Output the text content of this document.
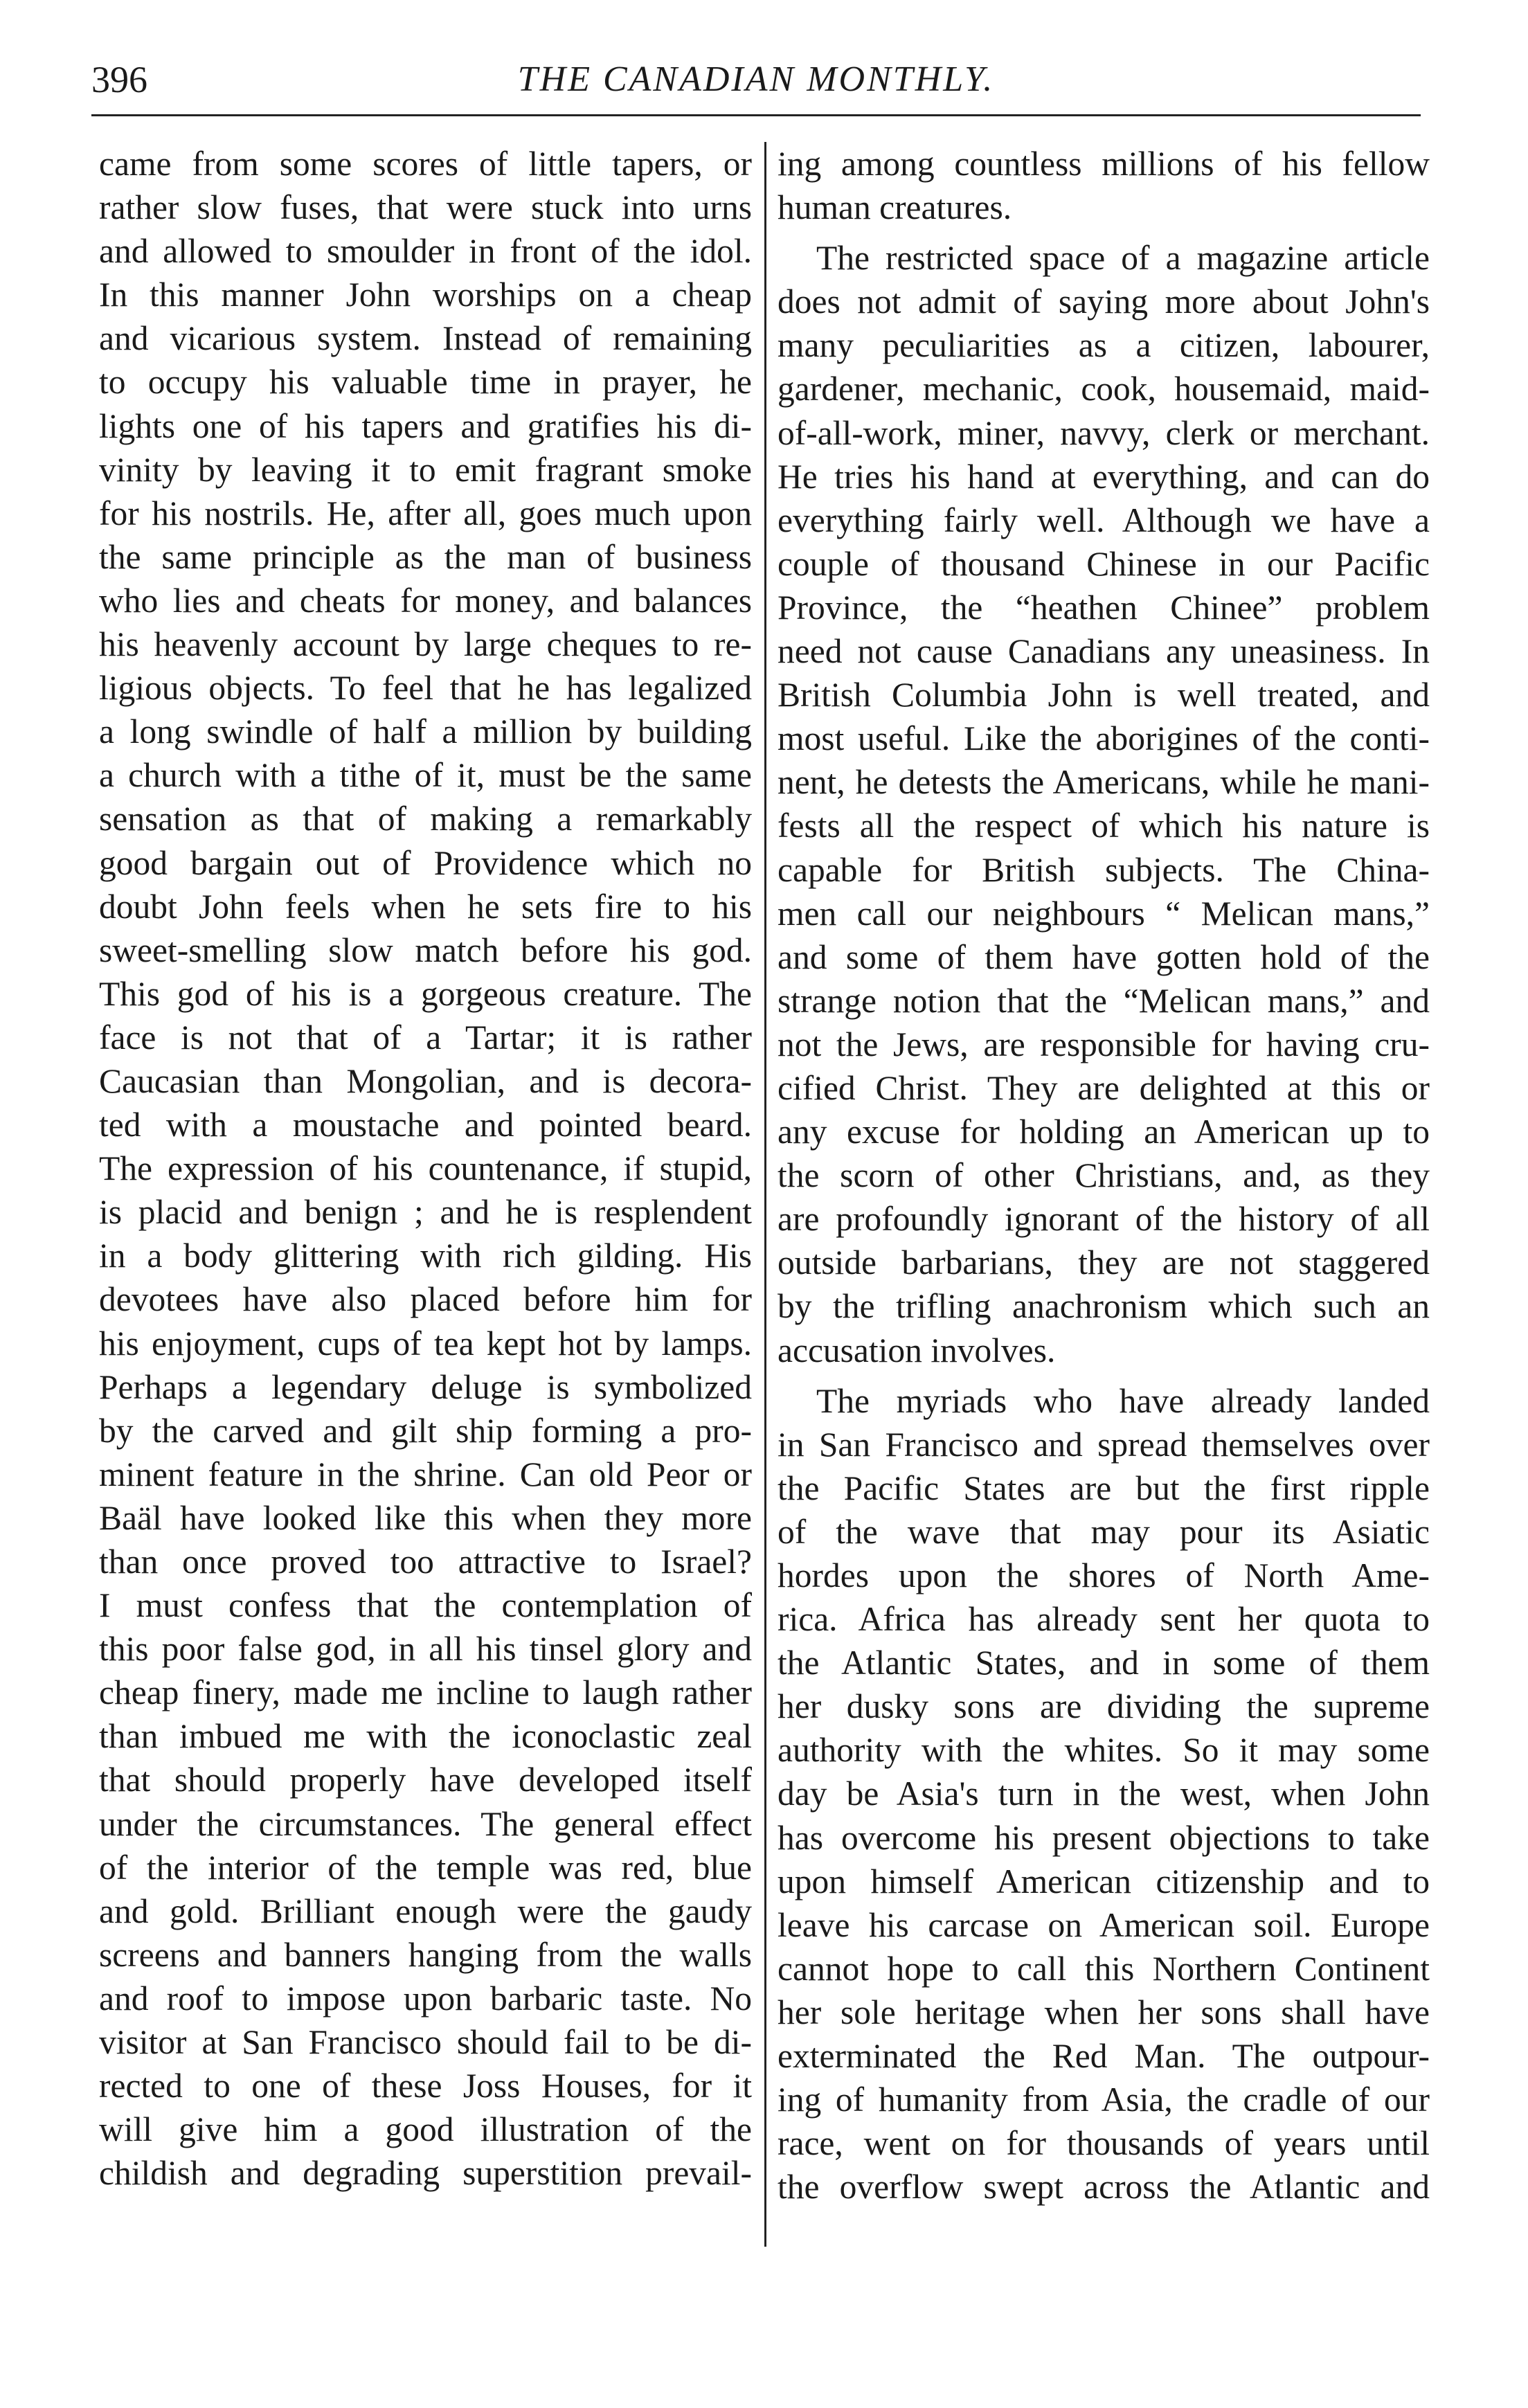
396	THE CANADIAN MONTHLY.
came from some scores of little tapers, or
rather slow fuses, that were stuck into urns
and allowed to smoulder in front of the idol.
In this manner John worships on a cheap
and vicarious system. Instead of remaining
to occupy his valuable time in prayer, he
lights one of his tapers and gratifies his di-
vinity by leaving it to emit fragrant smoke
for his nostrils. He, after all, goes much upon
the same principle as the man of business
who lies and cheats for money, and balances
his heavenly account by large cheques to re-
ligious objects. To feel that he has legalized
a long swindle of half a million by building
a church with a tithe of it, must be the same
sensation as that of making a remarkably
good bargain out of Providence which no
doubt John feels when he sets fire to his
sweet-smelling slow match before his god.
This god of his is a gorgeous creature. The
face is not that of a Tartar; it is rather
Caucasian than Mongolian, and is decora-
ted with a moustache and pointed beard.
The expression of his countenance, if stupid,
is placid and benign ; and he is resplendent
in a body glittering with rich gilding. His
devotees have also placed before him for
his enjoyment, cups of tea kept hot by lamps.
Perhaps a legendary deluge is symbolized
by the carved and gilt ship forming a pro-
minent feature in the shrine. Can old Peor or
Baäl have looked like this when they more
than once proved too attractive to Israel?
I must confess that the contemplation of
this poor false god, in all his tinsel glory and
cheap finery, made me incline to laugh rather
than imbued me with the iconoclastic zeal
that should properly have developed itself
under the circumstances. The general effect
of the interior of the temple was red, blue
and gold. Brilliant enough were the gaudy
screens and banners hanging from the walls
and roof to impose upon barbaric taste. No
visitor at San Francisco should fail to be di-
rected to one of these Joss Houses, for it
will give him a good illustration of the
childish and degrading superstition prevail-
ing among countless millions of his fellow
human creatures.
The restricted space of a magazine article
does not admit of saying more about John's
many peculiarities as a citizen, labourer,
gardener, mechanic, cook, housemaid, maid-
of-all-work, miner, navvy, clerk or merchant.
He tries his hand at everything, and can do
everything fairly well. Although we have a
couple of thousand Chinese in our Pacific
Province, the “heathen Chinee” problem
need not cause Canadians any uneasiness. In
British Columbia John is well treated, and
most useful. Like the aborigines of the conti-
nent, he detests the Americans, while he mani-
fests all the respect of which his nature is
capable for British subjects. The China-
men call our neighbours “ Melican mans,”
and some of them have gotten hold of the
strange notion that the “Melican mans,” and
not the Jews, are responsible for having cru-
cified Christ. They are delighted at this or
any excuse for holding an American up to
the scorn of other Christians, and, as they
are profoundly ignorant of the history of all
outside barbarians, they are not staggered
by the trifling anachronism which such an
accusation involves.
The myriads who have already landed
in San Francisco and spread themselves over
the Pacific States are but the first ripple
of the wave that may pour its Asiatic
hordes upon the shores of North Ame-
rica. Africa has already sent her quota to
the Atlantic States, and in some of them
her dusky sons are dividing the supreme
authority with the whites. So it may some
day be Asia's turn in the west, when John
has overcome his present objections to take
upon himself American citizenship and to
leave his carcase on American soil. Europe
cannot hope to call this Northern Continent
her sole heritage when her sons shall have
exterminated the Red Man. The outpour-
ing of humanity from Asia, the cradle of our
race, went on for thousands of years until
the overflow swept across the Atlantic and
